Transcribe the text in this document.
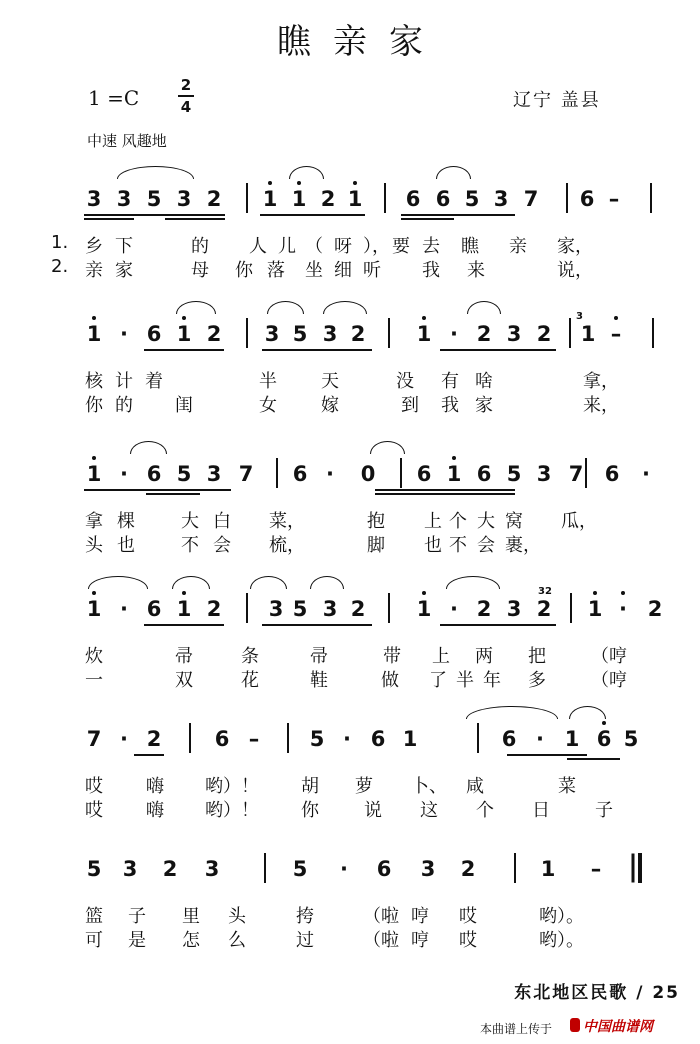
瞧亲家
1 =C
2
4	辽宁 盖县
中速 风趣地
3 3 5 3 2 1 1 2 1 6 6 5 3 7 6 –
1. 乡 下	的 人 儿 （ 呀 ）， 要 去 瞧 亲 家，
2. 亲 家	母 你 落 坐 细 听 我 来	说，
1 · 6 1 2 3 5 3 2 1 · 2 3 2 1 –
3
核 计 着	半 天	没 有 啥	拿，
你 的 闺	女 嫁	到 我 家	来，
1 · 6 5 3 7 6 · 0 6 1 6 5 3 7 6 ·
拿 棵	大 白 菜，	抱 上 个 大 窝 瓜，
头 也	不 会 梳，	脚 也 不 会 裹，
1 · 6 1 2 3 5 3 2 1 · 2 3 2 1 · 2
32
炊	帚	条	帚	带 上 两 把	（哼
一	双	花	鞋	做 了 半 年 多	（哼
7 · 2	6 – 5 · 6 1	6 · 1 6 5
哎 嗨 哟）！ 胡 萝 卜、 咸	菜
哎 嗨 哟）！ 你	说 这 个 日	子
5 3 2 3	5 · 6 3 2	1 –
篮 子 里 头	挎	（啦 哼 哎	哟）。
可 是 怎 么	过	（啦 哼 哎	哟）。
东北地区民歌 / 25
本曲谱上传于 中国曲谱网
